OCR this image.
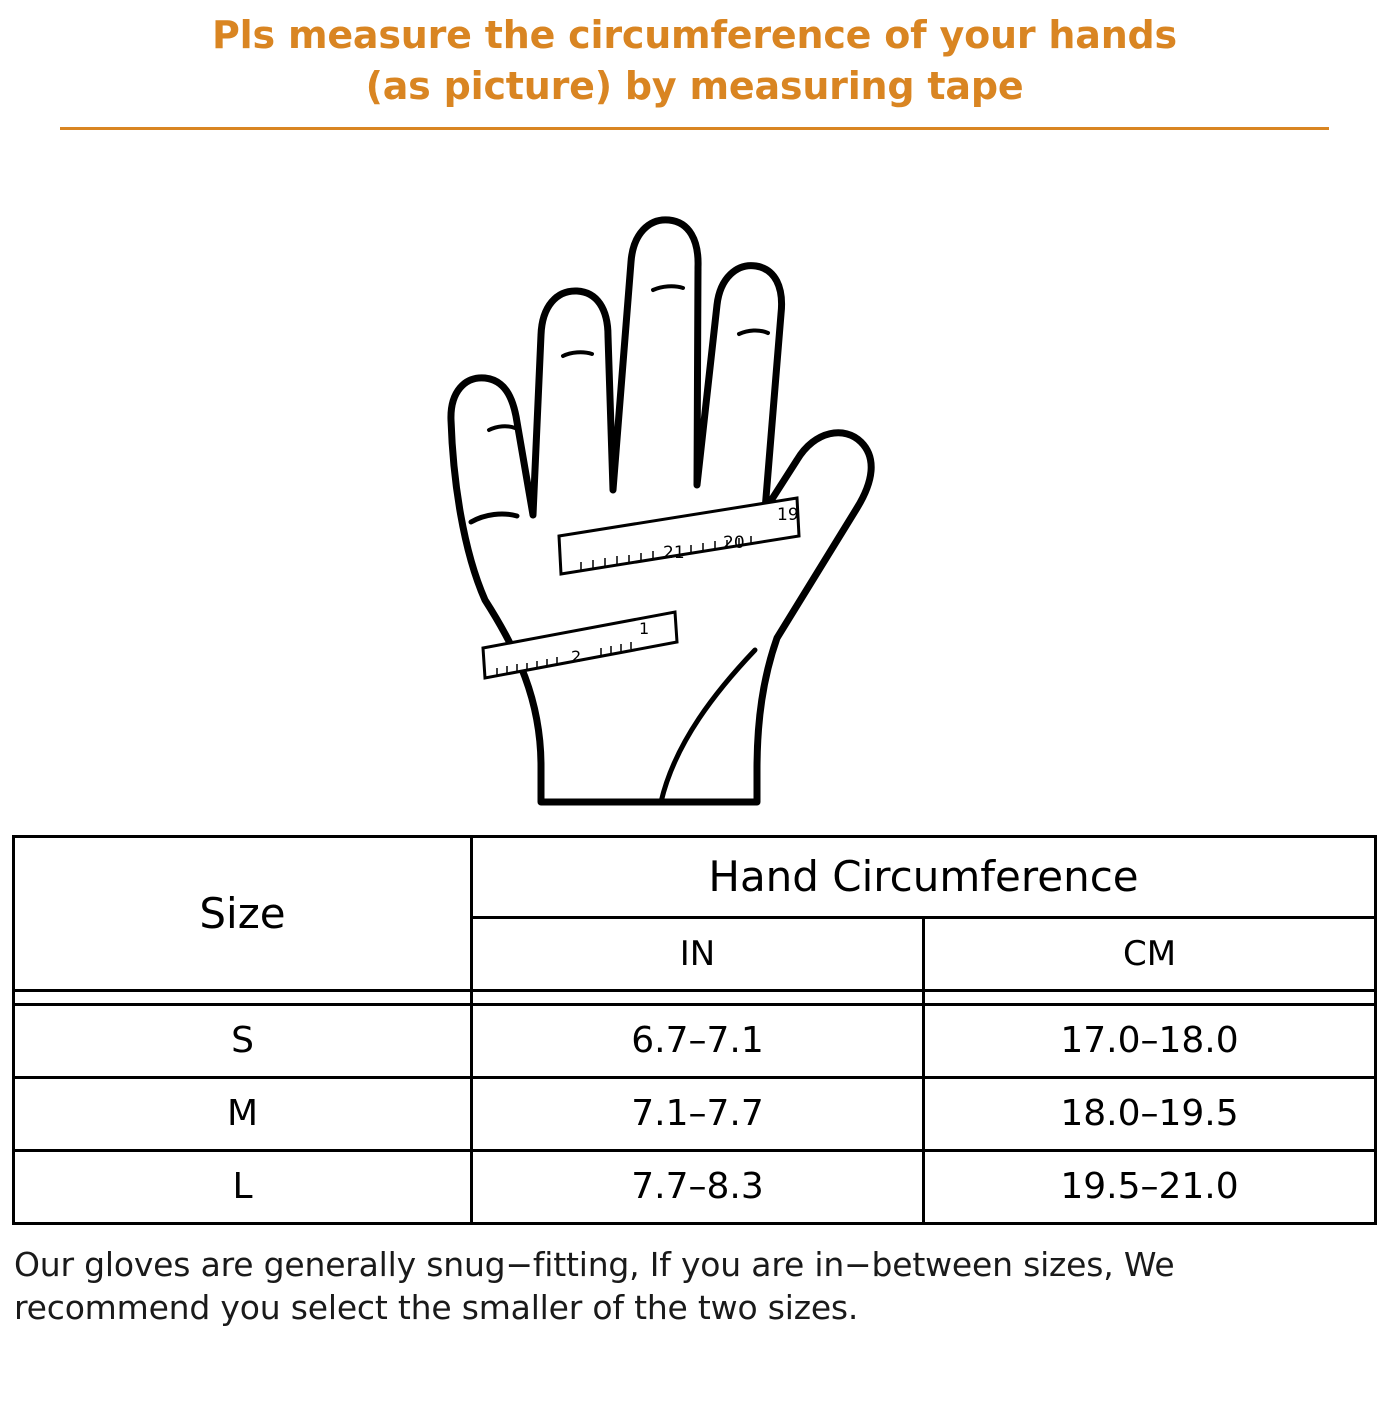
Pls measure the circumference of your hands
(as picture) by measuring tape
21 20
19
2
1
Size	Hand Circumference	
	IN	CM

S	6.7–7.1	17.0–18.0
M	7.1–7.7	18.0–19.5
L	7.7–8.3	19.5–21.0
Our gloves are generally snug−fitting, If you are in−between sizes, We
recommend you select the smaller of the two sizes.
